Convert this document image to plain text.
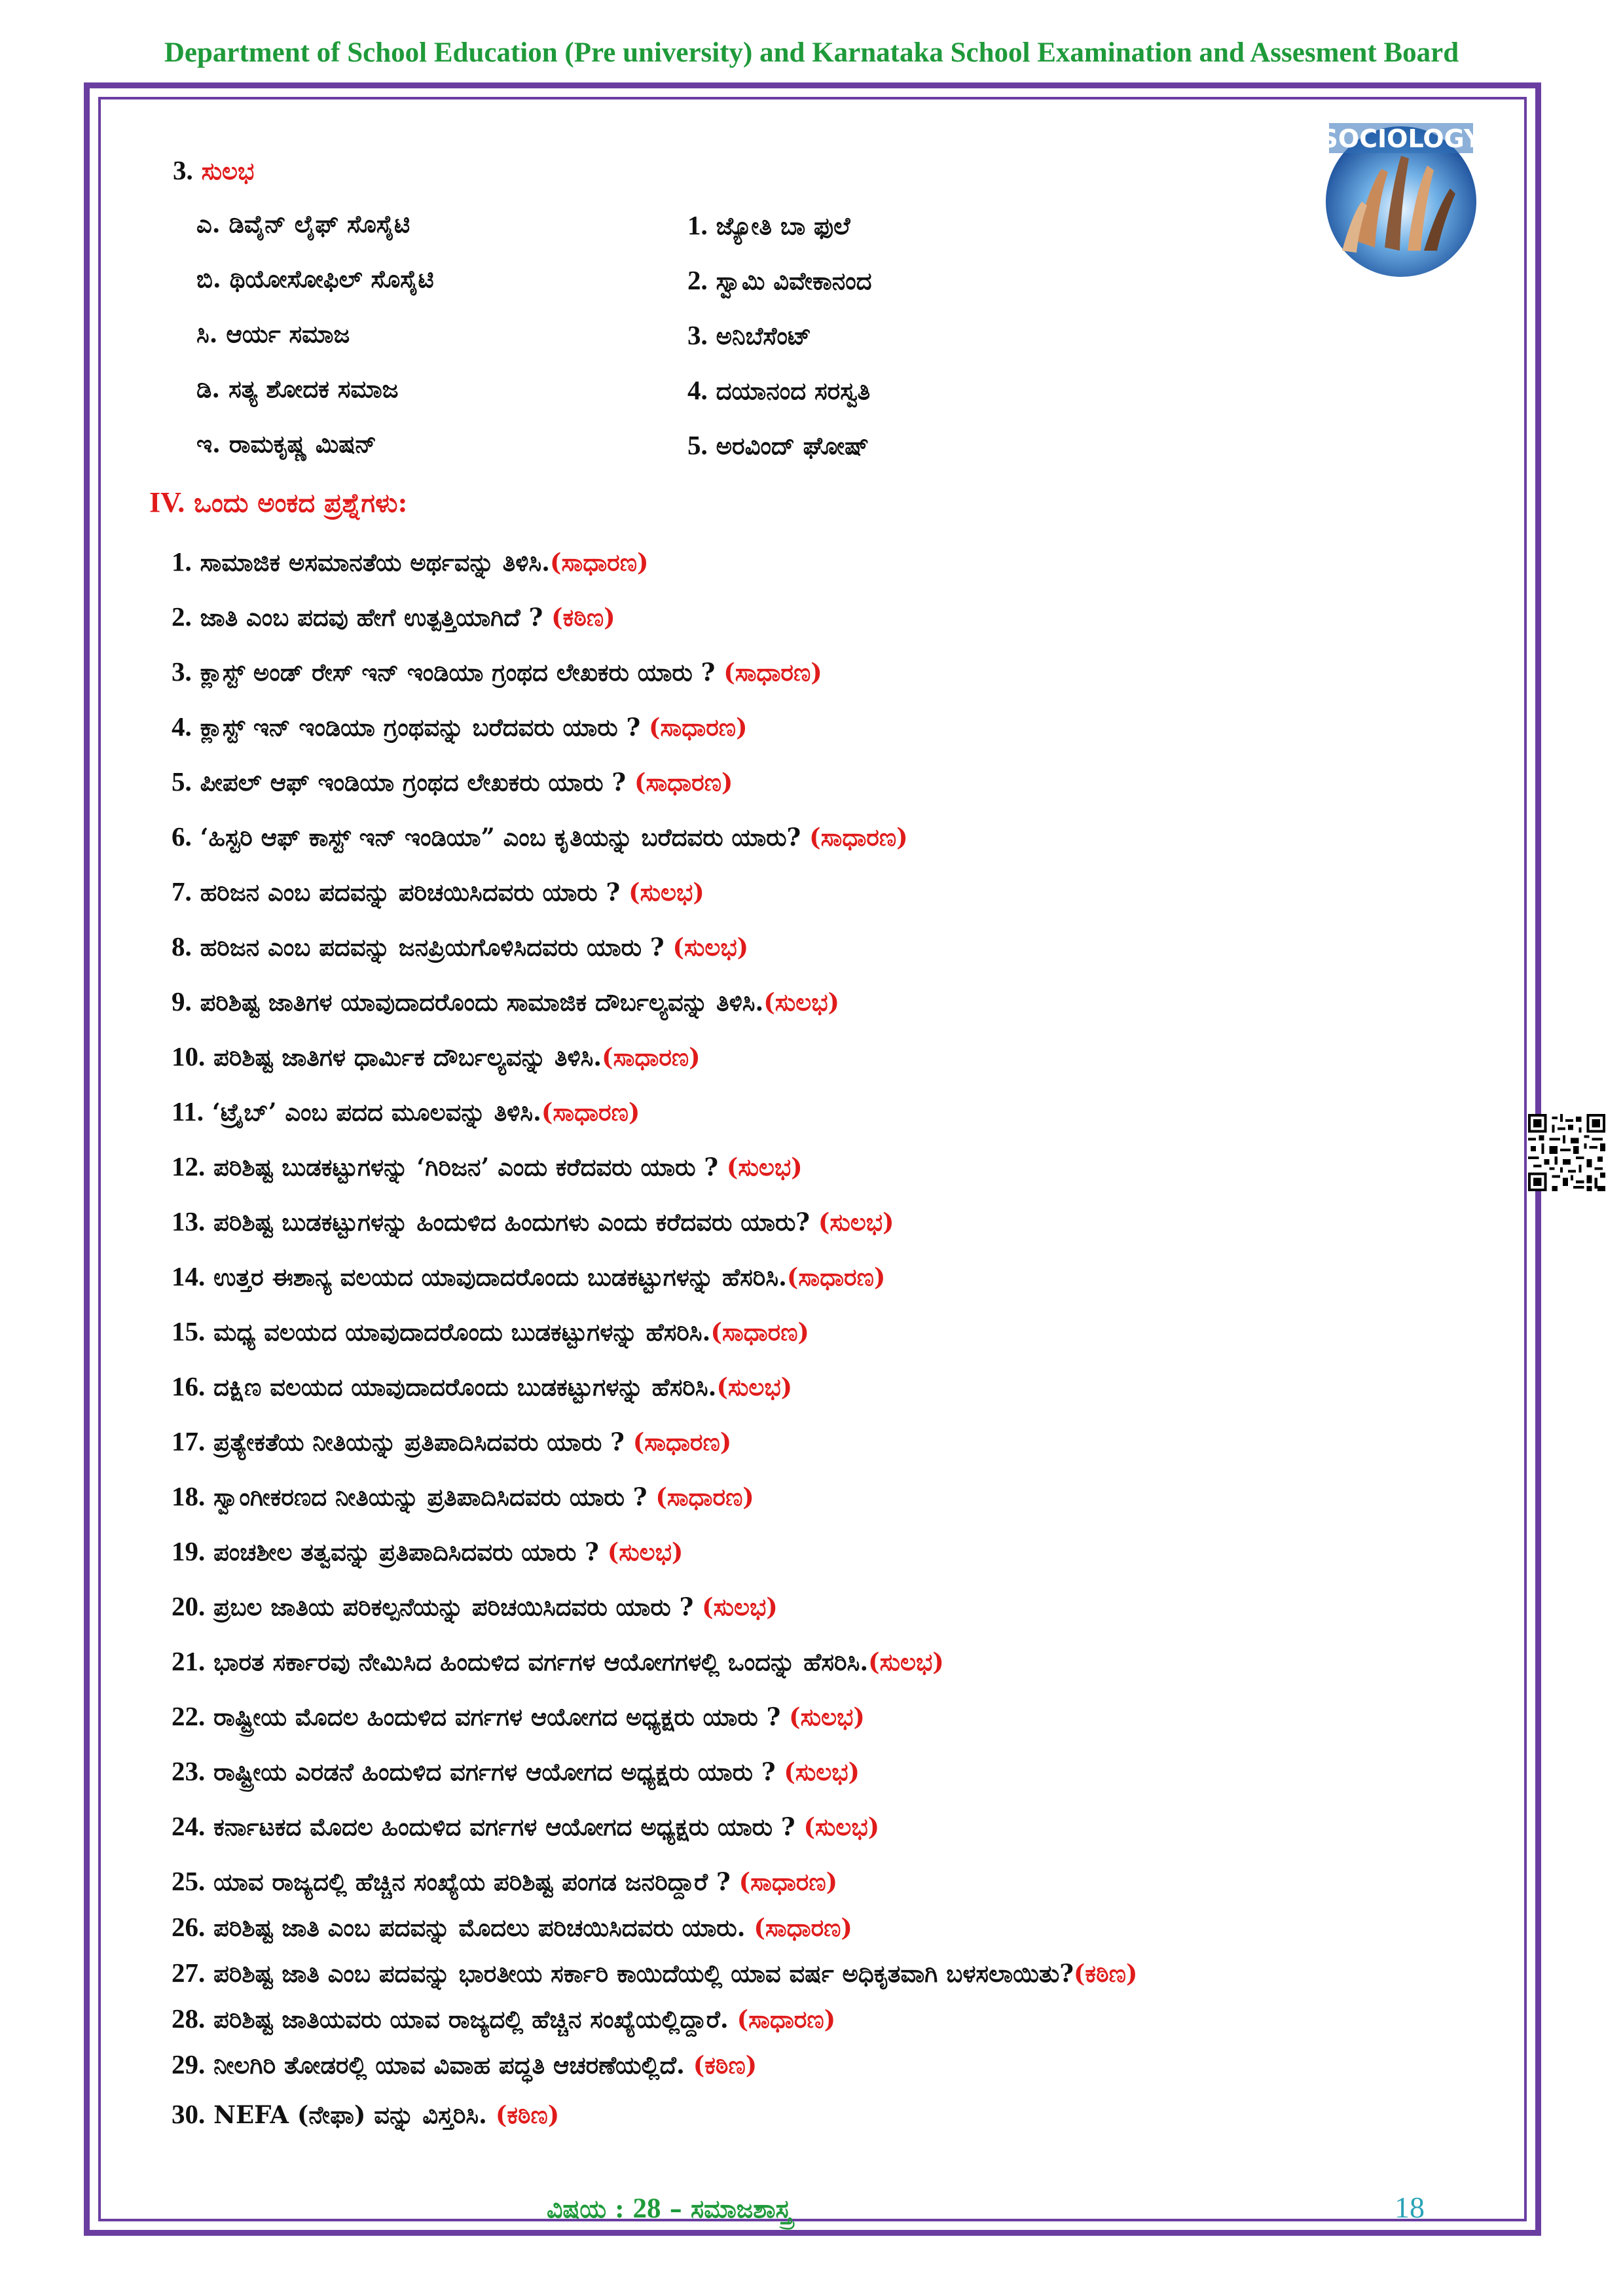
Department of School Education (Pre university) and Karnataka School Examination and Assesment Board
SOCIOLOGY
3. ಸುಲಭ
ಎ. ಡಿವೈನ್ ಲೈಫ್ ಸೊಸೈಟಿ
ಬಿ. ಥಿಯೋಸೋಫಿಲ್ ಸೊಸೈಟಿ
ಸಿ. ಆರ್ಯ ಸಮಾಜ
ಡಿ. ಸತ್ಯ ಶೋದಕ ಸಮಾಜ
ಇ. ರಾಮಕೃಷ್ಣ ಮಿಷನ್
1. ಜ್ಯೋತಿ ಬಾ ಫುಲೆ
2. ಸ್ವಾಮಿ ವಿವೇಕಾನಂದ
3. ಅನಿಬೆಸೆಂಟ್
4. ದಯಾನಂದ ಸರಸ್ವತಿ
5. ಅರವಿಂದ್ ಘೋಷ್
IV. ಒಂದು ಅಂಕದ ಪ್ರಶ್ನೆಗಳು:
1. ಸಾಮಾಜಿಕ ಅಸಮಾನತೆಯ ಅರ್ಥವನ್ನು ತಿಳಿಸಿ.(ಸಾಧಾರಣ)
2. ಜಾತಿ ಎಂಬ ಪದವು ಹೇಗೆ ಉತ್ಪತ್ತಿಯಾಗಿದೆ ? (ಕಠಿಣ)
3. ಕ್ಲಾಸ್ಟ್ ಅಂಡ್ ರೇಸ್ ಇನ್ ಇಂಡಿಯಾ ಗ್ರಂಥದ ಲೇಖಕರು ಯಾರು ? (ಸಾಧಾರಣ)
4. ಕ್ಲಾಸ್ಟ್ ಇನ್ ಇಂಡಿಯಾ ಗ್ರಂಥವನ್ನು ಬರೆದವರು ಯಾರು ? (ಸಾಧಾರಣ)
5. ಪೀಪಲ್ ಆಫ್ ಇಂಡಿಯಾ ಗ್ರಂಥದ ಲೇಖಕರು ಯಾರು ? (ಸಾಧಾರಣ)
6. ‘ಹಿಸ್ಟರಿ ಆಫ್ ಕಾಸ್ಟ್ ಇನ್ ಇಂಡಿಯಾ” ಎಂಬ ಕೃತಿಯನ್ನು ಬರೆದವರು ಯಾರು? (ಸಾಧಾರಣ)
7. ಹರಿಜನ ಎಂಬ ಪದವನ್ನು ಪರಿಚಯಿಸಿದವರು ಯಾರು ? (ಸುಲಭ)
8. ಹರಿಜನ ಎಂಬ ಪದವನ್ನು ಜನಪ್ರಿಯಗೊಳಿಸಿದವರು ಯಾರು ? (ಸುಲಭ)
9. ಪರಿಶಿಷ್ಟ ಜಾತಿಗಳ ಯಾವುದಾದರೊಂದು ಸಾಮಾಜಿಕ ದೌರ್ಬಲ್ಯವನ್ನು ತಿಳಿಸಿ.(ಸುಲಭ)
10. ಪರಿಶಿಷ್ಟ ಜಾತಿಗಳ ಧಾರ್ಮಿಕ ದೌರ್ಬಲ್ಯವನ್ನು ತಿಳಿಸಿ.(ಸಾಧಾರಣ)
11. ‘ಟ್ರೈಬ್’ ಎಂಬ ಪದದ ಮೂಲವನ್ನು ತಿಳಿಸಿ.(ಸಾಧಾರಣ)
12. ಪರಿಶಿಷ್ಟ ಬುಡಕಟ್ಟುಗಳನ್ನು ‘ಗಿರಿಜನ’ ಎಂದು ಕರೆದವರು ಯಾರು ? (ಸುಲಭ)
13. ಪರಿಶಿಷ್ಟ ಬುಡಕಟ್ಟುಗಳನ್ನು ಹಿಂದುಳಿದ ಹಿಂದುಗಳು ಎಂದು ಕರೆದವರು ಯಾರು? (ಸುಲಭ)
14. ಉತ್ತರ ಈಶಾನ್ಯ ವಲಯದ ಯಾವುದಾದರೊಂದು ಬುಡಕಟ್ಟುಗಳನ್ನು ಹೆಸರಿಸಿ.(ಸಾಧಾರಣ)
15. ಮಧ್ಯ ವಲಯದ ಯಾವುದಾದರೊಂದು ಬುಡಕಟ್ಟುಗಳನ್ನು ಹೆಸರಿಸಿ.(ಸಾಧಾರಣ)
16. ದಕ್ಷಿಣ ವಲಯದ ಯಾವುದಾದರೊಂದು ಬುಡಕಟ್ಟುಗಳನ್ನು ಹೆಸರಿಸಿ.(ಸುಲಭ)
17. ಪ್ರತ್ಯೇಕತೆಯ ನೀತಿಯನ್ನು ಪ್ರತಿಪಾದಿಸಿದವರು ಯಾರು ? (ಸಾಧಾರಣ)
18. ಸ್ವಾಂಗೀಕರಣದ ನೀತಿಯನ್ನು ಪ್ರತಿಪಾದಿಸಿದವರು ಯಾರು ? (ಸಾಧಾರಣ)
19. ಪಂಚಶೀಲ ತತ್ವವನ್ನು ಪ್ರತಿಪಾದಿಸಿದವರು ಯಾರು ? (ಸುಲಭ)
20. ಪ್ರಬಲ ಜಾತಿಯ ಪರಿಕಲ್ಪನೆಯನ್ನು ಪರಿಚಯಿಸಿದವರು ಯಾರು ? (ಸುಲಭ)
21. ಭಾರತ ಸರ್ಕಾರವು ನೇಮಿಸಿದ ಹಿಂದುಳಿದ ವರ್ಗಗಳ ಆಯೋಗಗಳಲ್ಲಿ ಒಂದನ್ನು ಹೆಸರಿಸಿ.(ಸುಲಭ)
22. ರಾಷ್ಟ್ರೀಯ ಮೊದಲ ಹಿಂದುಳಿದ ವರ್ಗಗಳ ಆಯೋಗದ ಅಧ್ಯಕ್ಷರು ಯಾರು ? (ಸುಲಭ)
23. ರಾಷ್ಟ್ರೀಯ ಎರಡನೆ ಹಿಂದುಳಿದ ವರ್ಗಗಳ ಆಯೋಗದ ಅಧ್ಯಕ್ಷರು ಯಾರು ? (ಸುಲಭ)
24. ಕರ್ನಾಟಕದ ಮೊದಲ ಹಿಂದುಳಿದ ವರ್ಗಗಳ ಆಯೋಗದ ಅಧ್ಯಕ್ಷರು ಯಾರು ? (ಸುಲಭ)
25. ಯಾವ ರಾಜ್ಯದಲ್ಲಿ ಹೆಚ್ಚಿನ ಸಂಖ್ಯೆಯ ಪರಿಶಿಷ್ಟ ಪಂಗಡ ಜನರಿದ್ದಾರೆ ? (ಸಾಧಾರಣ)
26. ಪರಿಶಿಷ್ಟ ಜಾತಿ ಎಂಬ ಪದವನ್ನು ಮೊದಲು ಪರಿಚಯಿಸಿದವರು ಯಾರು. (ಸಾಧಾರಣ)
27. ಪರಿಶಿಷ್ಟ ಜಾತಿ ಎಂಬ ಪದವನ್ನು ಭಾರತೀಯ ಸರ್ಕಾರಿ ಕಾಯಿದೆಯಲ್ಲಿ ಯಾವ ವರ್ಷ ಅಧಿಕೃತವಾಗಿ ಬಳಸಲಾಯಿತು?(ಕಠಿಣ)
28. ಪರಿಶಿಷ್ಟ ಜಾತಿಯವರು ಯಾವ ರಾಜ್ಯದಲ್ಲಿ ಹೆಚ್ಚಿನ ಸಂಖ್ಯೆಯಲ್ಲಿದ್ದಾರೆ. (ಸಾಧಾರಣ)
29. ನೀಲಗಿರಿ ತೋಡರಲ್ಲಿ ಯಾವ ವಿವಾಹ ಪದ್ಧತಿ ಆಚರಣೆಯಲ್ಲಿದೆ. (ಕಠಿಣ)
30. NEFA (ನೇಫಾ) ವನ್ನು ವಿಸ್ತರಿಸಿ. (ಕಠಿಣ)
ವಿಷಯ : 28 – ಸಮಾಜಶಾಸ್ತ್ರ	18
